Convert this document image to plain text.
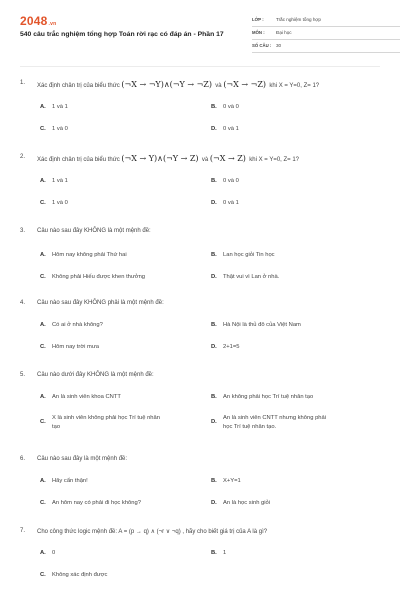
2048.vn
540 câu trắc nghiệm tổng hợp Toán rời rạc có đáp án - Phần 17
LỚP :	Trắc nghiệm tổng hợp
MÔN : Đại học
SỐ CÂU : 30
1. Xác định chân trị của biểu thức (¬X → ¬Y)∧(¬Y → ¬Z) và (¬X → ¬Z) khi X = Y=0, Z= 1?
A. 1 và 1	B. 0 và 0
C. 1 và 0	D. 0 và 1
2. Xác định chân trị của biểu thức (¬X → Y)∧(¬Y → Z) và (¬X → Z) khi X = Y=0, Z= 1?
A. 1 và 1	B. 0 và 0
C. 1 và 0	D. 0 và 1
3. Câu nào sau đây KHÔNG là một mệnh đề:
A. Hôm nay không phải Thứ hai	B. Lan học giỏi Tin học
C. Không phải Hiếu được khen thưởng	D. Thật vui vì Lan ở nhà.
4. Câu nào sau đây KHÔNG phải là một mệnh đề:
A. Có ai ở nhà không?	B. Hà Nội là thủ đô của Việt Nam
C. Hôm nay trời mưa	D. 2+1=5
5. Câu nào dưới đây KHÔNG là một mệnh đề:
A. An là sinh viên khoa CNTT	B. An không phải học Trí tuệ nhân tạo
C.
X là sinh viên không phải học Trí tuệ nhân tạo
D.
An là sinh viên CNTT nhưng không phải học Trí tuệ nhân tạo.
6. Câu nào sau đây là một mệnh đề:
A. Hãy cẩn thận!	B. X+Y=1
C. An hôm nay có phải đi học không?	D. An là học sinh giỏi
7. Cho công thức logic mệnh đề: A = (p → q) ∧ (¬r ∨ ¬q) , hãy cho biết giá trị của A là gì?
A. 0	B. 1
C. Không xác định được
